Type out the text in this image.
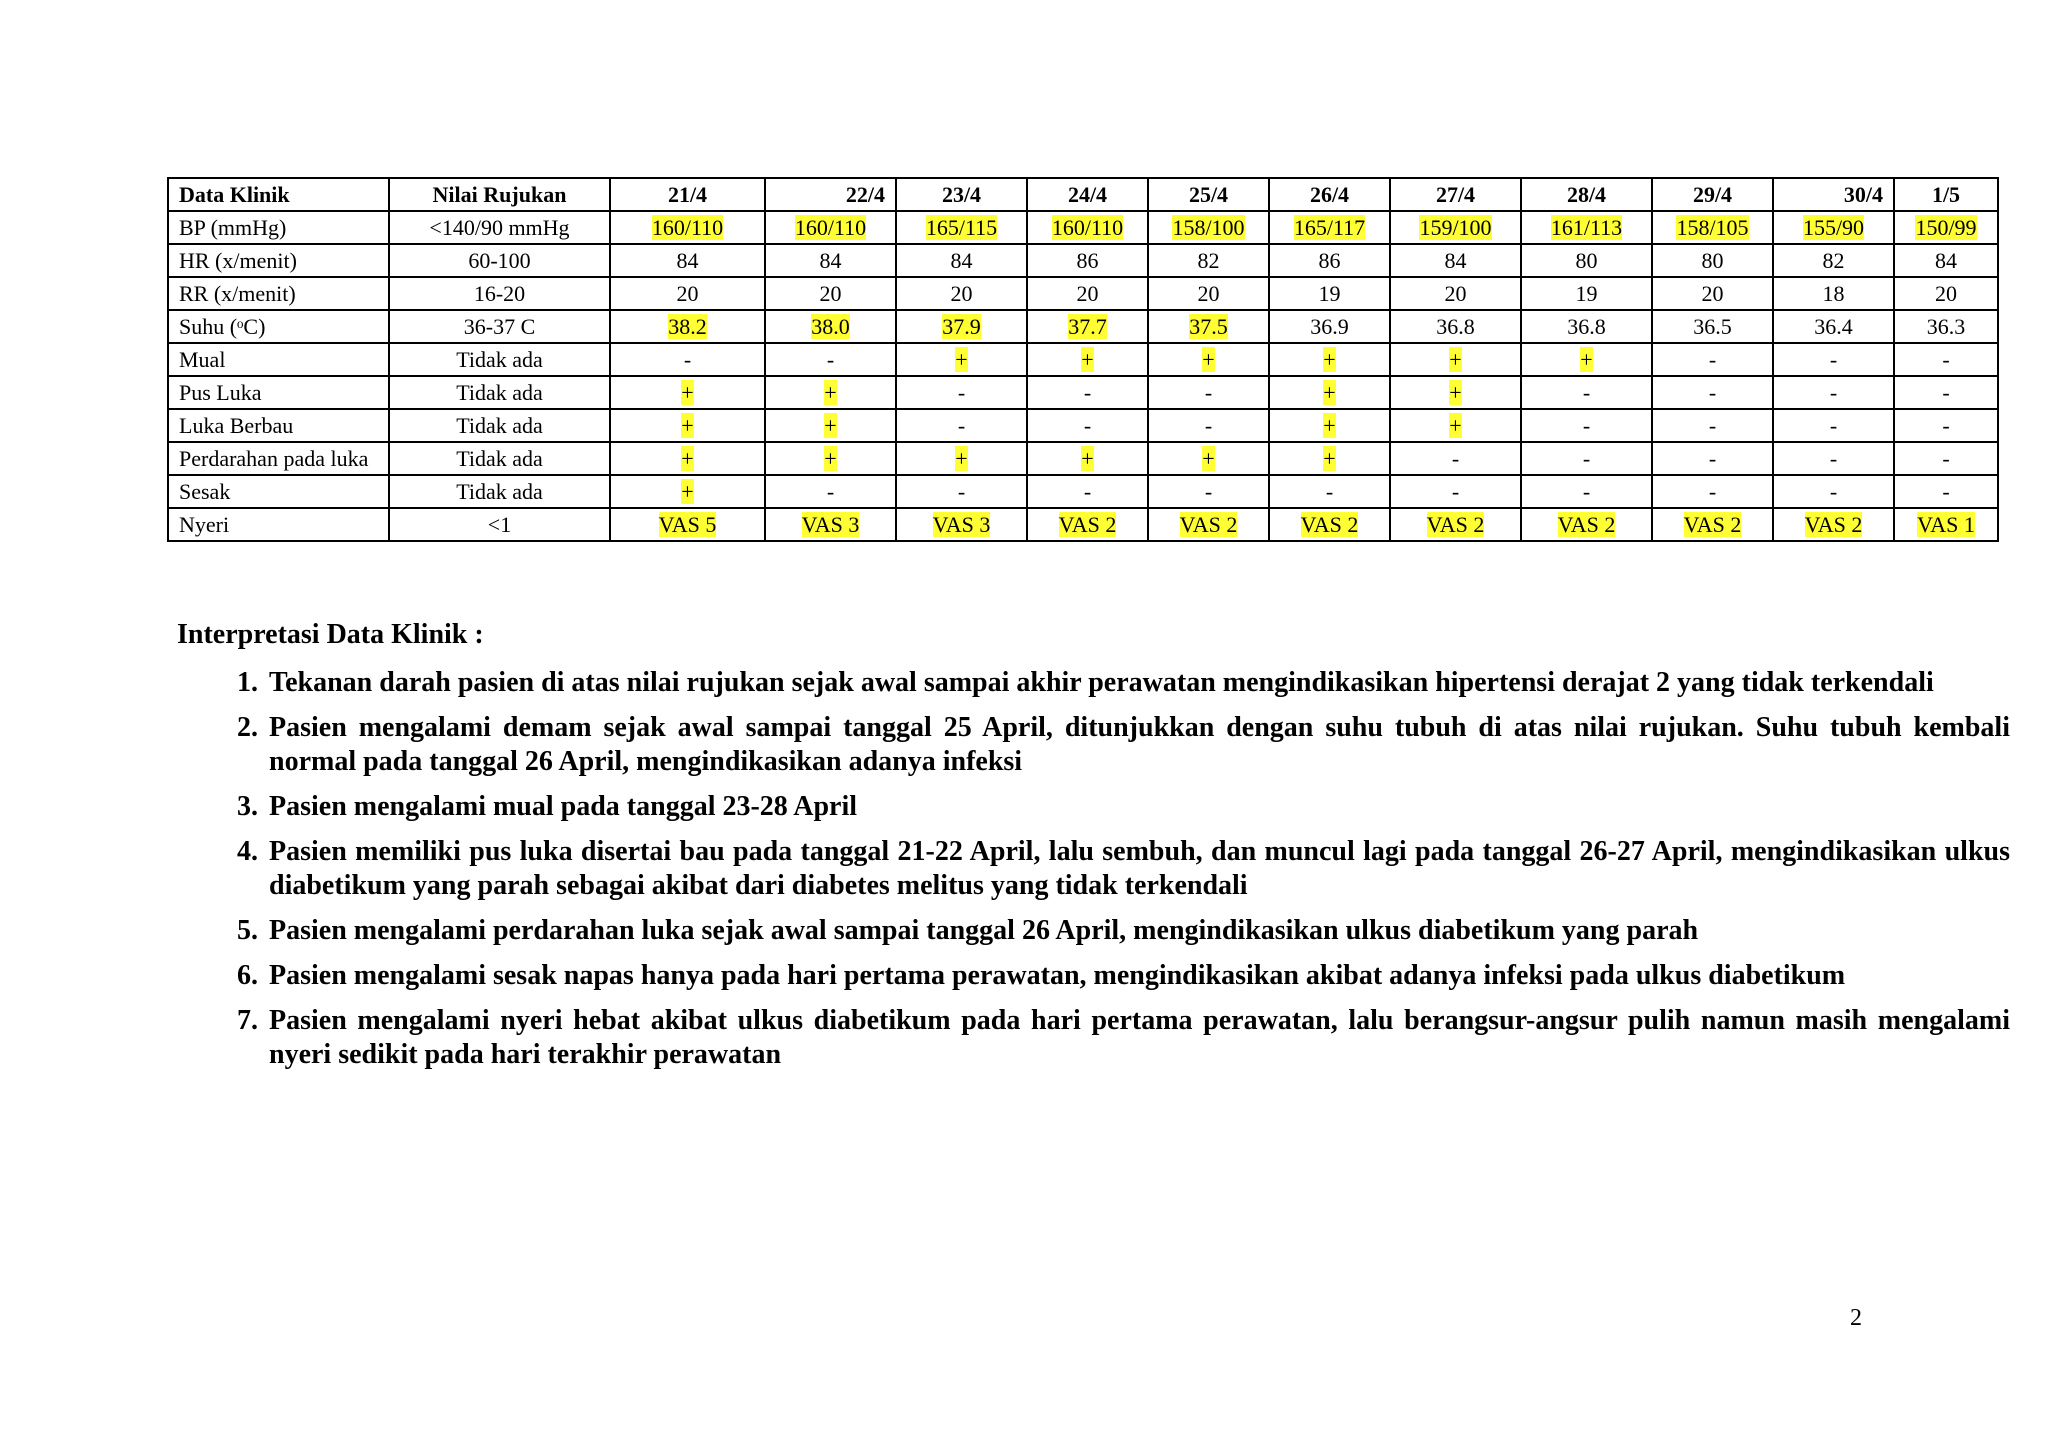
Data Klinik	Nilai Rujukan	21/4	22/4	23/4	24/4	25/4	26/4	27/4	28/4	29/4	30/4	1/5
BP (mmHg)	<140/90 mmHg	160/110	160/110	165/115	160/110	158/100	165/117	159/100	161/113	158/105	155/90	150/99
HR (x/menit)	60-100	84	84	84	86	82	86	84	80	80	82	84
RR (x/menit)	16-20	20	20	20	20	20	19	20	19	20	18	20
Suhu (ᵒC)	36-37 C	38.2	38.0	37.9	37.7	37.5	36.9	36.8	36.8	36.5	36.4	36.3
Mual	Tidak ada	-	-	+	+	+	+	+	+	-	-	-
Pus Luka	Tidak ada	+	+	-	-	-	+	+	-	-	-	-
Luka Berbau	Tidak ada	+	+	-	-	-	+	+	-	-	-	-
Perdarahan pada luka	Tidak ada	+	+	+	+	+	+	-	-	-	-	-
Sesak	Tidak ada	+	-	-	-	-	-	-	-	-	-	-
Nyeri	<1	VAS 5	VAS 3	VAS 3	VAS 2	VAS 2	VAS 2	VAS 2	VAS 2	VAS 2	VAS 2	VAS 1
Interpretasi Data Klinik :
1. Tekanan darah pasien di atas nilai rujukan sejak awal sampai akhir perawatan mengindikasikan hipertensi derajat 2 yang tidak terkendali
2. Pasien mengalami demam sejak awal sampai tanggal 25 April, ditunjukkan dengan suhu tubuh di atas nilai rujukan. Suhu tubuh kembali normal pada tanggal 26 April, mengindikasikan adanya infeksi
3. Pasien mengalami mual pada tanggal 23-28 April
4. Pasien memiliki pus luka disertai bau pada tanggal 21-22 April, lalu sembuh, dan muncul lagi pada tanggal 26-27 April, mengindikasikan ulkus diabetikum yang parah sebagai akibat dari diabetes melitus yang tidak terkendali
5. Pasien mengalami perdarahan luka sejak awal sampai tanggal 26 April, mengindikasikan ulkus diabetikum yang parah
6. Pasien mengalami sesak napas hanya pada hari pertama perawatan, mengindikasikan akibat adanya infeksi pada ulkus diabetikum
7. Pasien mengalami nyeri hebat akibat ulkus diabetikum pada hari pertama perawatan, lalu berangsur-angsur pulih namun masih mengalami nyeri sedikit pada hari terakhir perawatan
2
